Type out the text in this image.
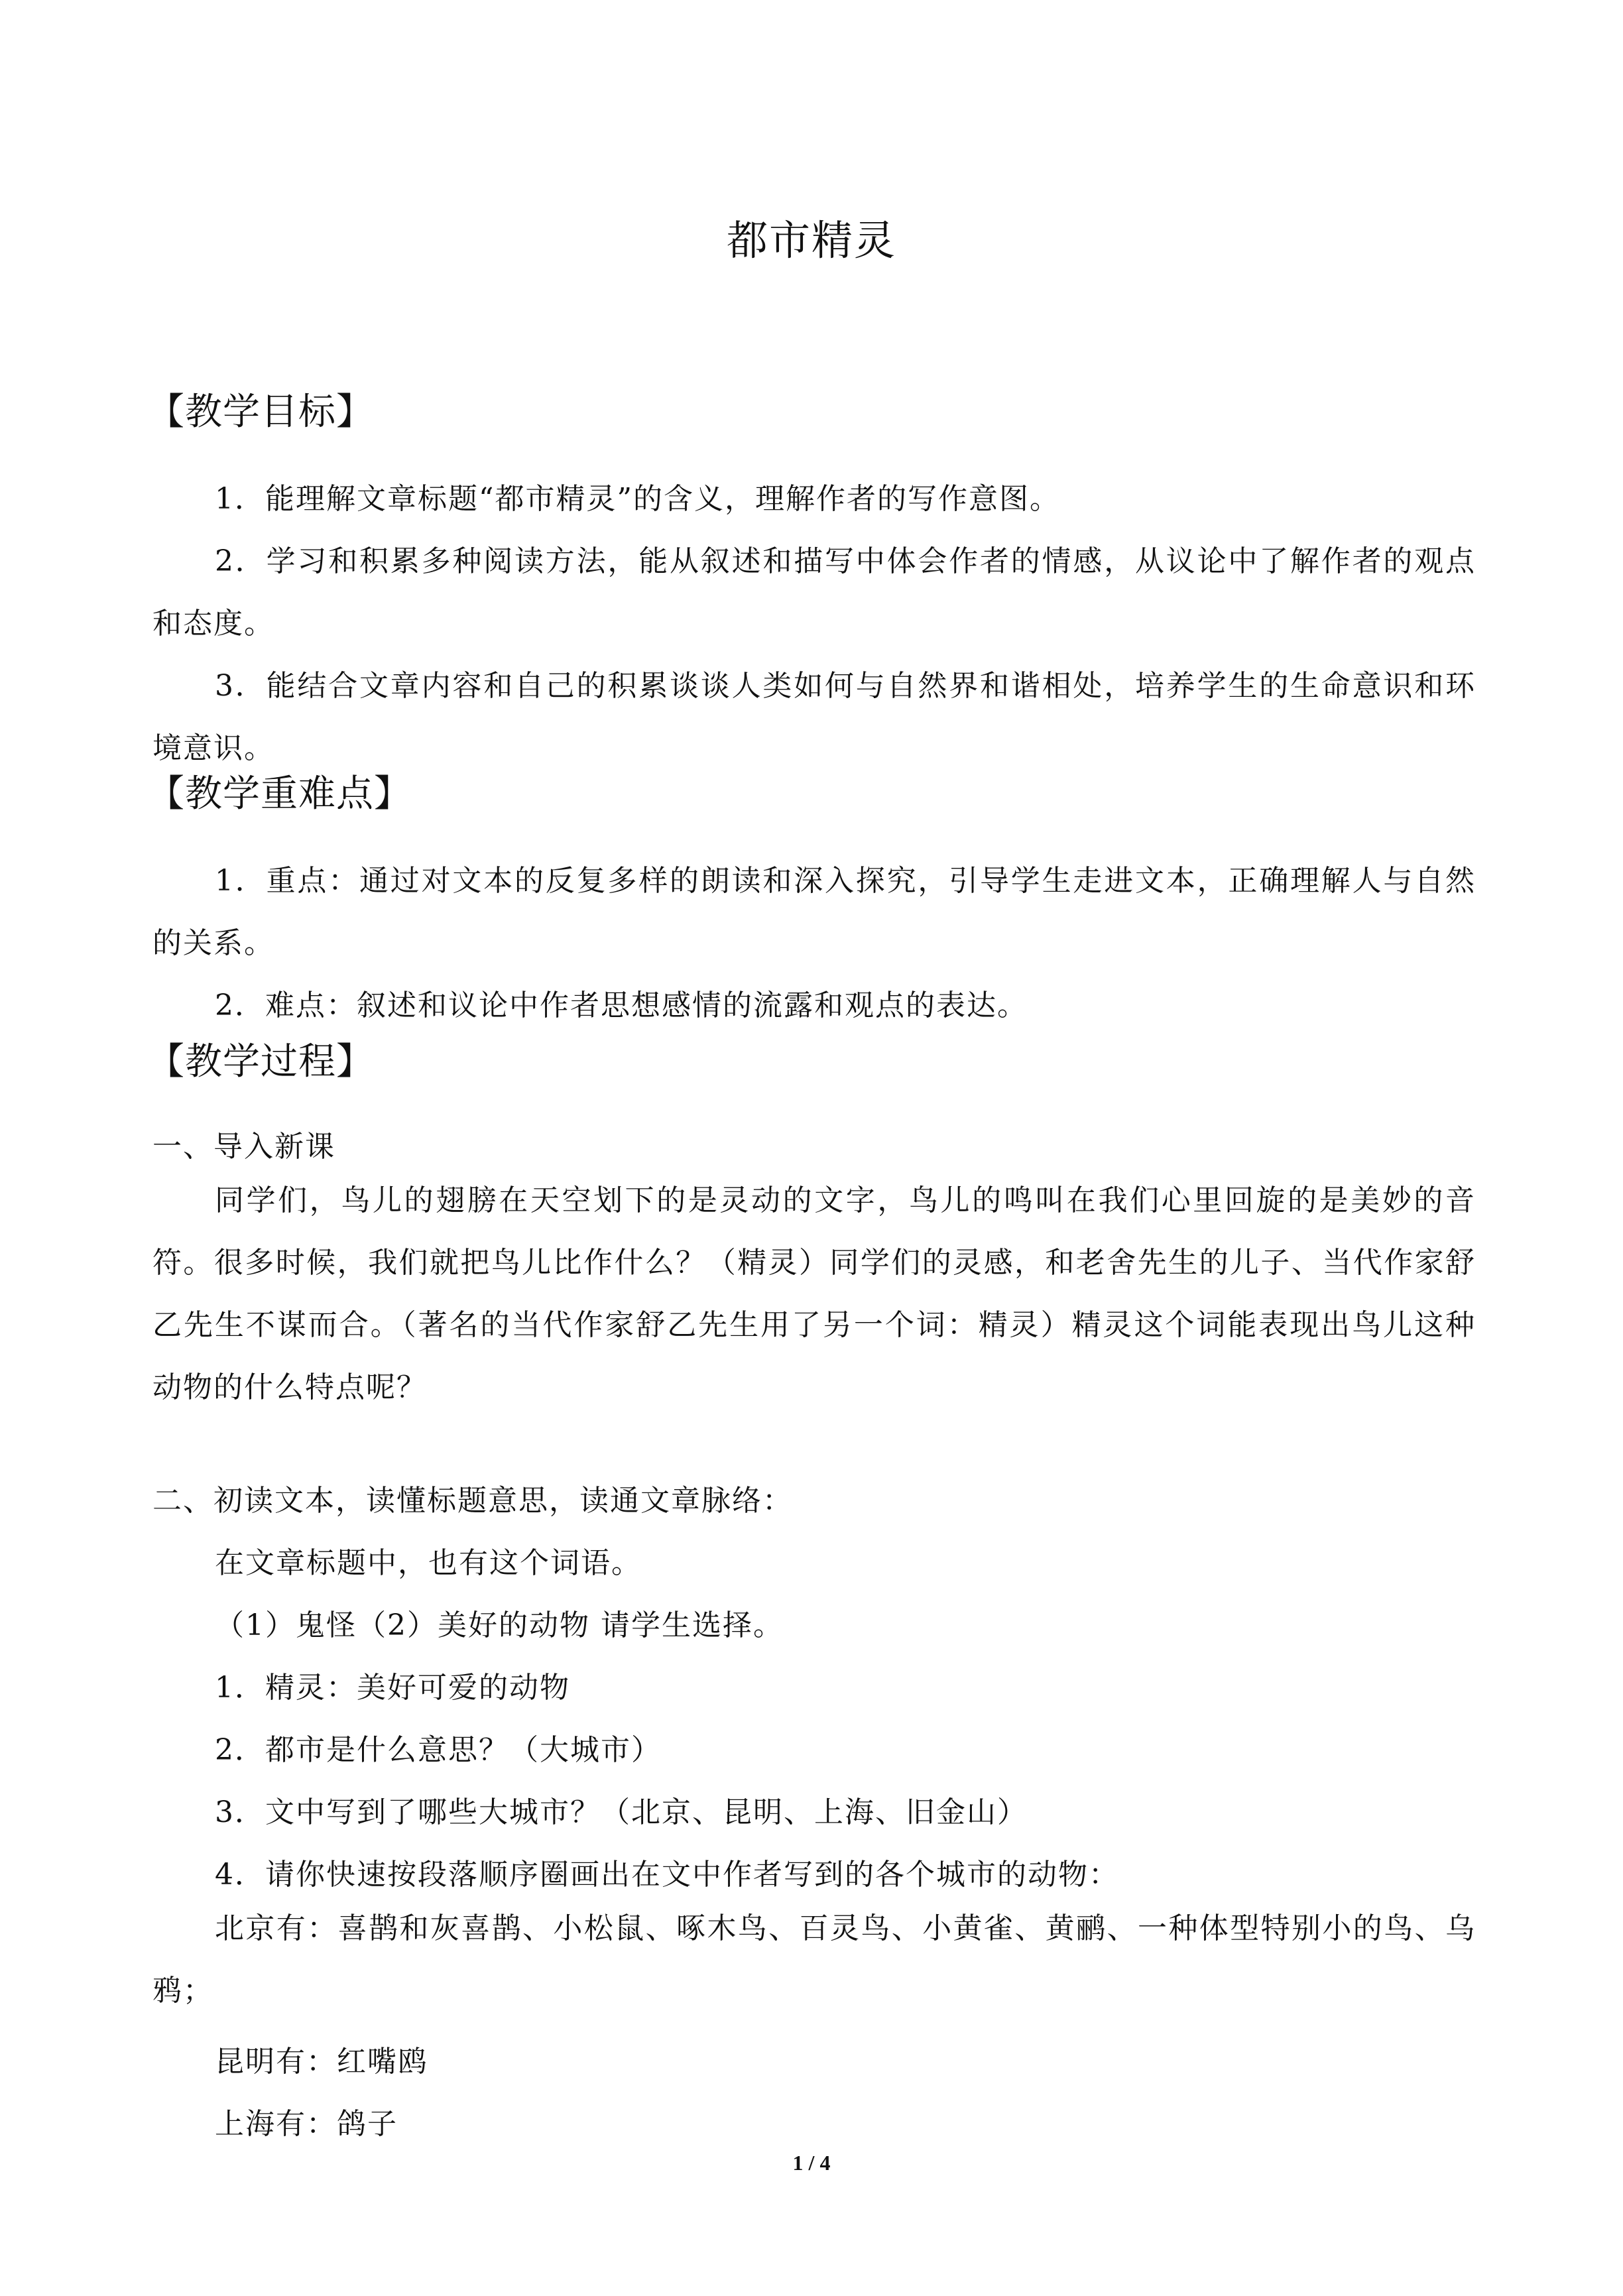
都市精灵
【教学目标】
1．能理解文章标题“都市精灵”的含义，理解作者的写作意图。
2．学习和积累多种阅读方法，能从叙述和描写中体会作者的情感，从议论中了解作者的观点和态度。
3．能结合文章内容和自己的积累谈谈人类如何与自然界和谐相处，培养学生的生命意识和环境意识。
【教学重难点】
1．重点：通过对文本的反复多样的朗读和深入探究，引导学生走进文本，正确理解人与自然的关系。
2．难点：叙述和议论中作者思想感情的流露和观点的表达。
【教学过程】
一、导入新课
同学们，鸟儿的翅膀在天空划下的是灵动的文字，鸟儿的鸣叫在我们心里回旋的是美妙的音符。很多时候，我们就把鸟儿比作什么？（精灵）同学们的灵感，和老舍先生的儿子、当代作家舒乙先生不谋而合。（著名的当代作家舒乙先生用了另一个词：精灵）精灵这个词能表现出鸟儿这种动物的什么特点呢？
二、初读文本，读懂标题意思，读通文章脉络：
在文章标题中，也有这个词语。
（1）鬼怪（2）美好的动物 请学生选择。
1．精灵：美好可爱的动物
2．都市是什么意思？（大城市）
3．文中写到了哪些大城市？（北京、昆明、上海、旧金山）
4．请你快速按段落顺序圈画出在文中作者写到的各个城市的动物：
北京有：喜鹊和灰喜鹊、小松鼠、啄木鸟、百灵鸟、小黄雀、黄鹂、一种体型特别小的鸟、乌鸦；
昆明有：红嘴鸥
上海有：鸽子
1 / 4
